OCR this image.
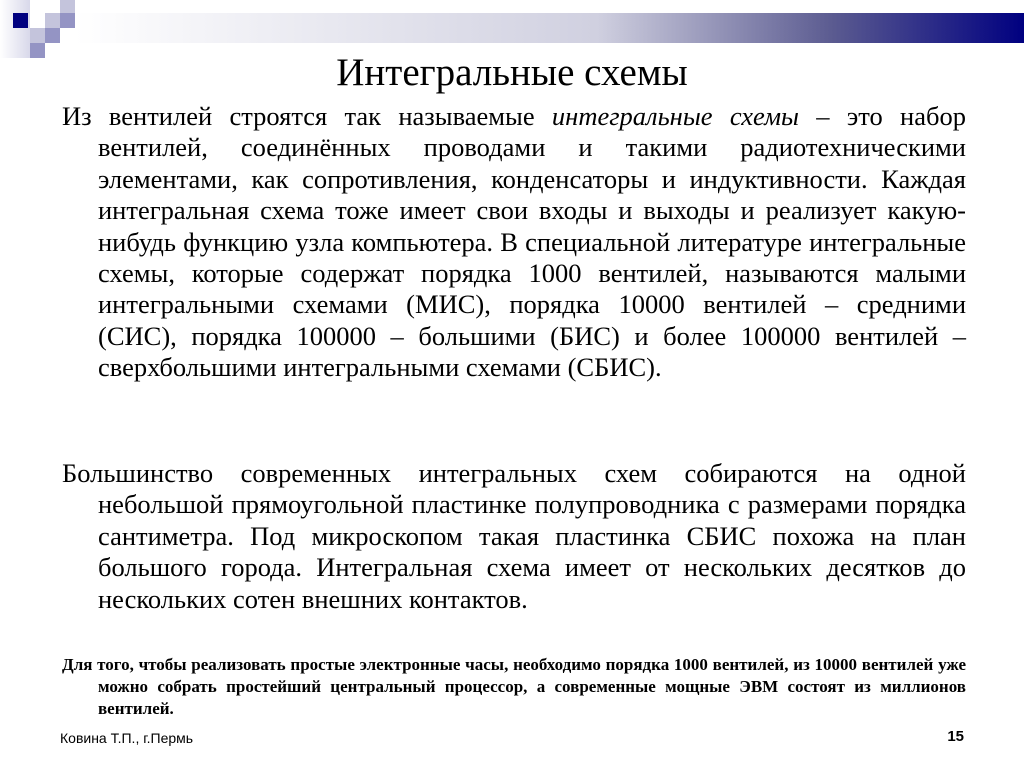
Интегральные схемы
Из вентилей строятся так называемые интегральные схемы – это набор вентилей, соединённых проводами и такими радиотехническими элементами, как сопротивления, конденсаторы и индуктивности. Каждая интегральная схема тоже имеет свои входы и выходы и реализует какую-нибудь функцию узла компьютера. В специальной литературе интегральные схемы, которые содержат порядка 1000 вентилей, называются малыми интегральными схемами (МИС), порядка 10000 вентилей – средними (СИС), порядка 100000 – большими (БИС) и более 100000 вентилей – сверхбольшими интегральными схемами (СБИС).
Большинство современных интегральных схем собираются на одной небольшой прямоугольной пластинке полупроводника с размерами порядка сантиметра. Под микроскопом такая пластинка СБИС похожа на план большого города. Интегральная схема имеет от нескольких десятков до нескольких сотен внешних контактов.
Для того, чтобы реализовать простые электронные часы, необходимо порядка 1000 вентилей, из 10000 вентилей уже можно собрать простейший центральный процессор, а современные мощные ЭВМ состоят из миллионов вентилей.
Ковина Т.П., г.Пермь	15
